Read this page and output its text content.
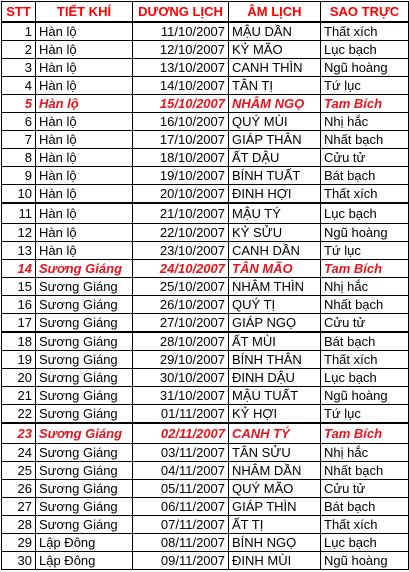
STT	TIẾT KHÍ	DƯƠNG LỊCH	ÂM LỊCH	SAO TRỰC
1	Hàn lộ	11/10/2007	MẬU DẦN	Thất xích
2	Hàn lộ	12/10/2007	KỶ MÃO	Lục bạch
3	Hàn lộ	13/10/2007	CANH THÌN	Ngũ hoàng
4	Hàn lộ	14/10/2007	TÂN TỊ	Tứ lục
5	Hàn lộ	15/10/2007	NHÂM NGỌ	Tam Bích
6	Hàn lộ	16/10/2007	QUÝ MÙI	Nhị hắc
7	Hàn lộ	17/10/2007	GIÁP THÂN	Nhất bạch
8	Hàn lộ	18/10/2007	ẤT DẬU	Cửu tử
9	Hàn lộ	19/10/2007	BÍNH TUẤT	Bát bạch
10	Hàn lộ	20/10/2007	ĐINH HỢI	Thất xích
11	Hàn lộ	21/10/2007	MẬU TÝ	Lục bạch
12	Hàn lộ	22/10/2007	KỶ SỬU	Ngũ hoàng
13	Hàn lộ	23/10/2007	CANH DẦN	Tứ lục
14	Sương Giáng	24/10/2007	TÂN MÃO	Tam Bích
15	Sương Giáng	25/10/2007	NHÂM THÌN	Nhị hắc
16	Sương Giáng	26/10/2007	QUÝ TỊ	Nhất bạch
17	Sương Giáng	27/10/2007	GIÁP NGỌ	Cửu tử
18	Sương Giáng	28/10/2007	ẤT MÙI	Bát bạch
19	Sương Giáng	29/10/2007	BÍNH THÂN	Thất xích
20	Sương Giáng	30/10/2007	ĐINH DẬU	Lục bạch
21	Sương Giáng	31/10/2007	MẬU TUẤT	Ngũ hoàng
22	Sương Giáng	01/11/2007	KỶ HỢI	Tứ lục
23	Sương Giáng	02/11/2007	CANH TÝ	Tam Bích
24	Sương Giáng	03/11/2007	TÂN SỬU	Nhị hắc
25	Sương Giáng	04/11/2007	NHÂM DẦN	Nhất bạch
26	Sương Giáng	05/11/2007	QUÝ MÃO	Cửu tử
27	Sương Giáng	06/11/2007	GIÁP THÌN	Bát bạch
28	Sương Giáng	07/11/2007	ẤT TỊ	Thất xích
29	Lập Đông	08/11/2007	BÍNH NGỌ	Lục bạch
30	Lập Đông	09/11/2007	ĐINH MÙI	Ngũ hoàng
